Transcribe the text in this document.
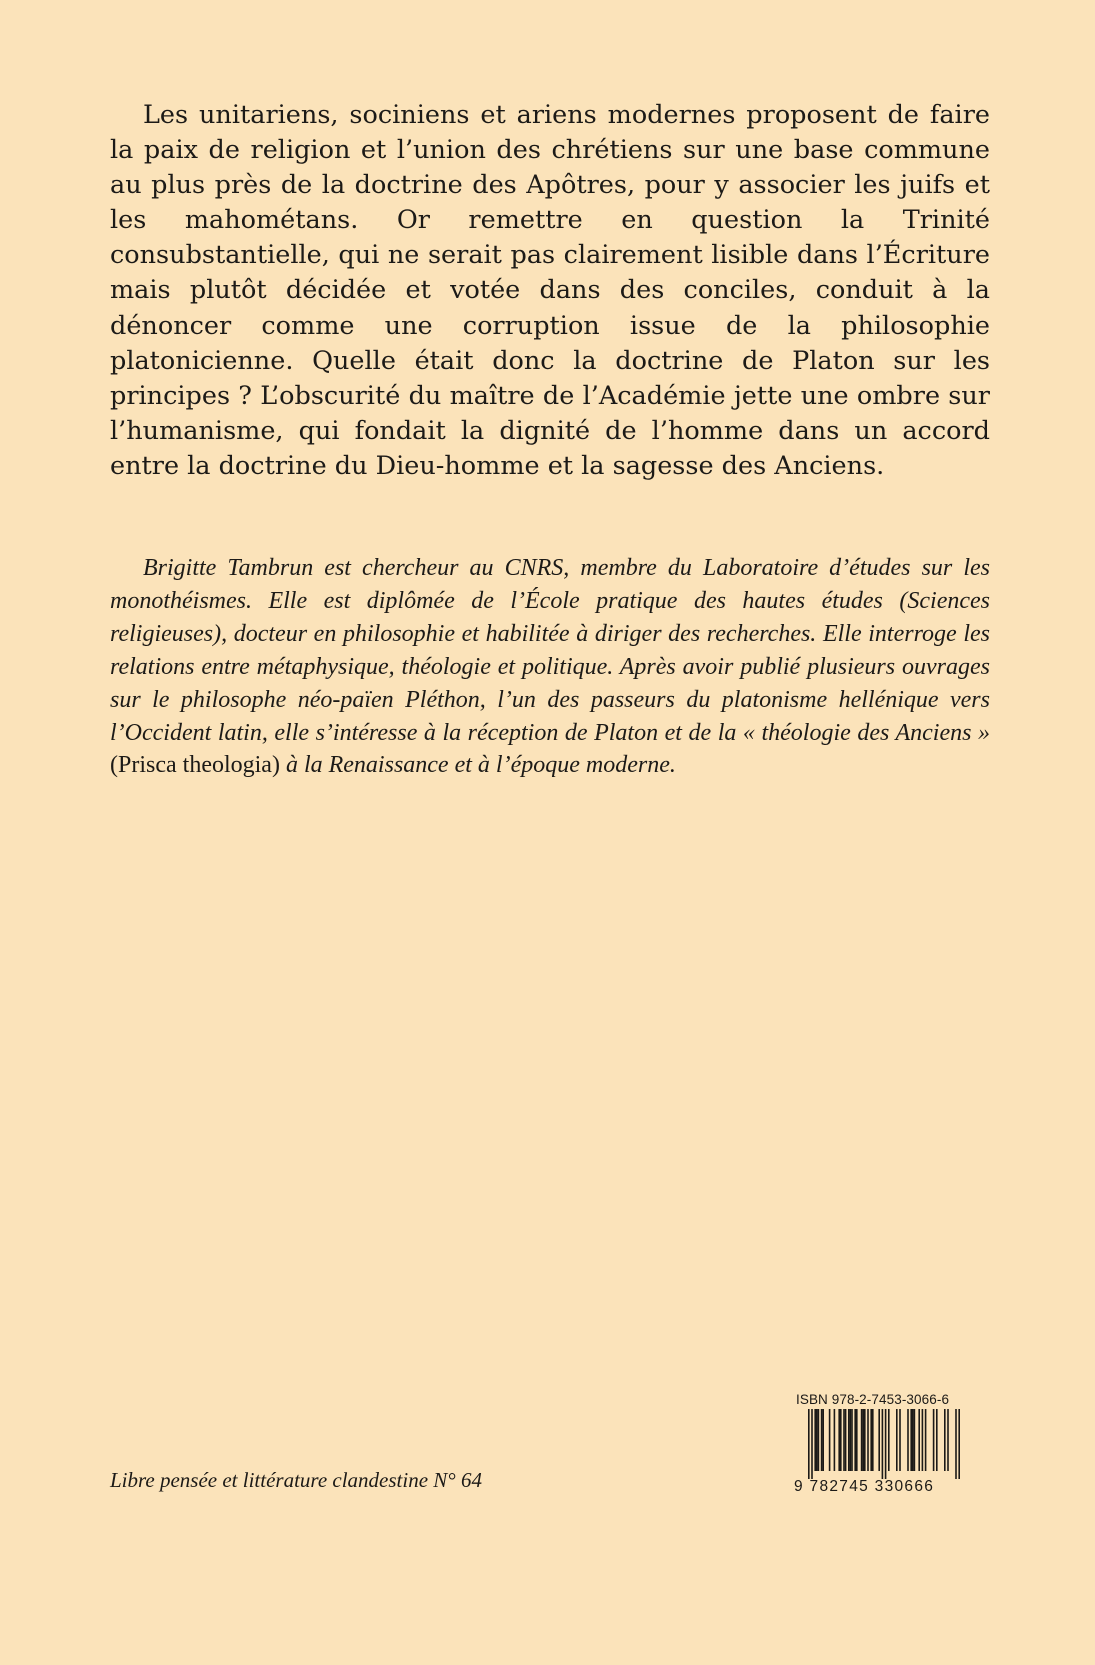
Les unitariens, sociniens et ariens modernes proposent de faire la paix de religion et l’union des chrétiens sur une base commune au plus près de la doctrine des Apôtres, pour y associer les juifs et les mahométans. Or remettre en question la Trinité consubstantielle, qui ne serait pas clairement lisible dans l’Écriture mais plutôt décidée et votée dans des conciles, conduit à la dénoncer comme une corruption issue de la philosophie platonicienne. Quelle était donc la doctrine de Platon sur les principes ? L’obscurité du maître de l’Académie jette une ombre sur l’humanisme, qui fondait la dignité de l’homme dans un accord entre la doctrine du Dieu-homme et la sagesse des Anciens.

Brigitte Tambrun est chercheur au CNRS, membre du Laboratoire d’études sur les monothéismes. Elle est diplômée de l’École pratique des hautes études (Sciences religieuses), docteur en philosophie et habilitée à diriger des recherches. Elle interroge les relations entre métaphysique, théologie et politique. Après avoir publié plusieurs ouvrages sur le philosophe néo-païen Pléthon, l’un des passeurs du platonisme hellénique vers l’Occident latin, elle s’intéresse à la réception de Platon et de la « théologie des Anciens » (Prisca theologia) à la Renaissance et à l’époque moderne.

Libre pensée et littérature clandestine N° 64
ISBN 978-2-7453-3066-6
9 782745 330666
